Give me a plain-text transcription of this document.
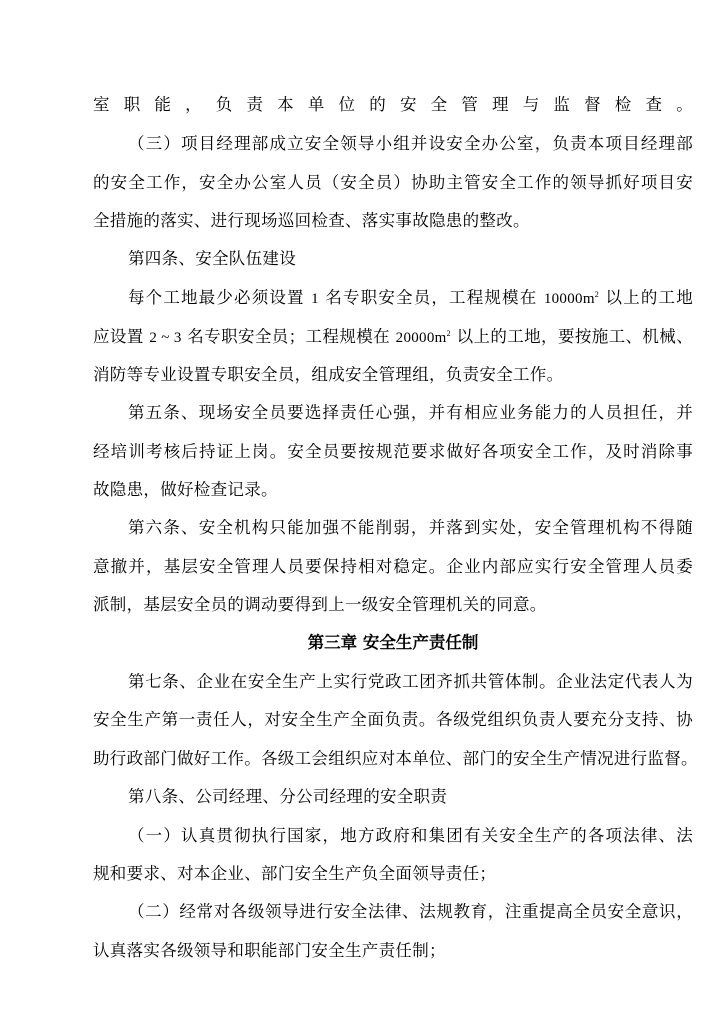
室职能，负责本单位的安全管理与监督检查。
（三）项目经理部成立安全领导小组并设安全办公室，负责本项目经理部
的安全工作，安全办公室人员（安全员）协助主管安全工作的领导抓好项目安
全措施的落实、进行现场巡回检查、落实事故隐患的整改。
第四条、安全队伍建设
每个工地最少必须设置 1 名专职安全员，工程规模在 $10000m^2$ 以上的工地
应设置 2 ~ 3 名专职安全员；工程规模在 $20000m^2$ 以上的工地，要按施工、机械、
消防等专业设置专职安全员，组成安全管理组，负责安全工作。
第五条、现场安全员要选择责任心强，并有相应业务能力的人员担任，并
经培训考核后持证上岗。安全员要按规范要求做好各项安全工作，及时消除事
故隐患，做好检查记录。
第六条、安全机构只能加强不能削弱，并落到实处，安全管理机构不得随
意撤并，基层安全管理人员要保持相对稳定。企业内部应实行安全管理人员委
派制，基层安全员的调动要得到上一级安全管理机关的同意。
第三章 安全生产责任制
第七条、企业在安全生产上实行党政工团齐抓共管体制。企业法定代表人为
安全生产第一责任人，对安全生产全面负责。各级党组织负责人要充分支持、协
助行政部门做好工作。各级工会组织应对本单位、部门的安全生产情况进行监督。
第八条、公司经理、分公司经理的安全职责
（一）认真贯彻执行国家，地方政府和集团有关安全生产的各项法律、法
规和要求、对本企业、部门安全生产负全面领导责任；
（二）经常对各级领导进行安全法律、法规教育，注重提高全员安全意识，
认真落实各级领导和职能部门安全生产责任制；
